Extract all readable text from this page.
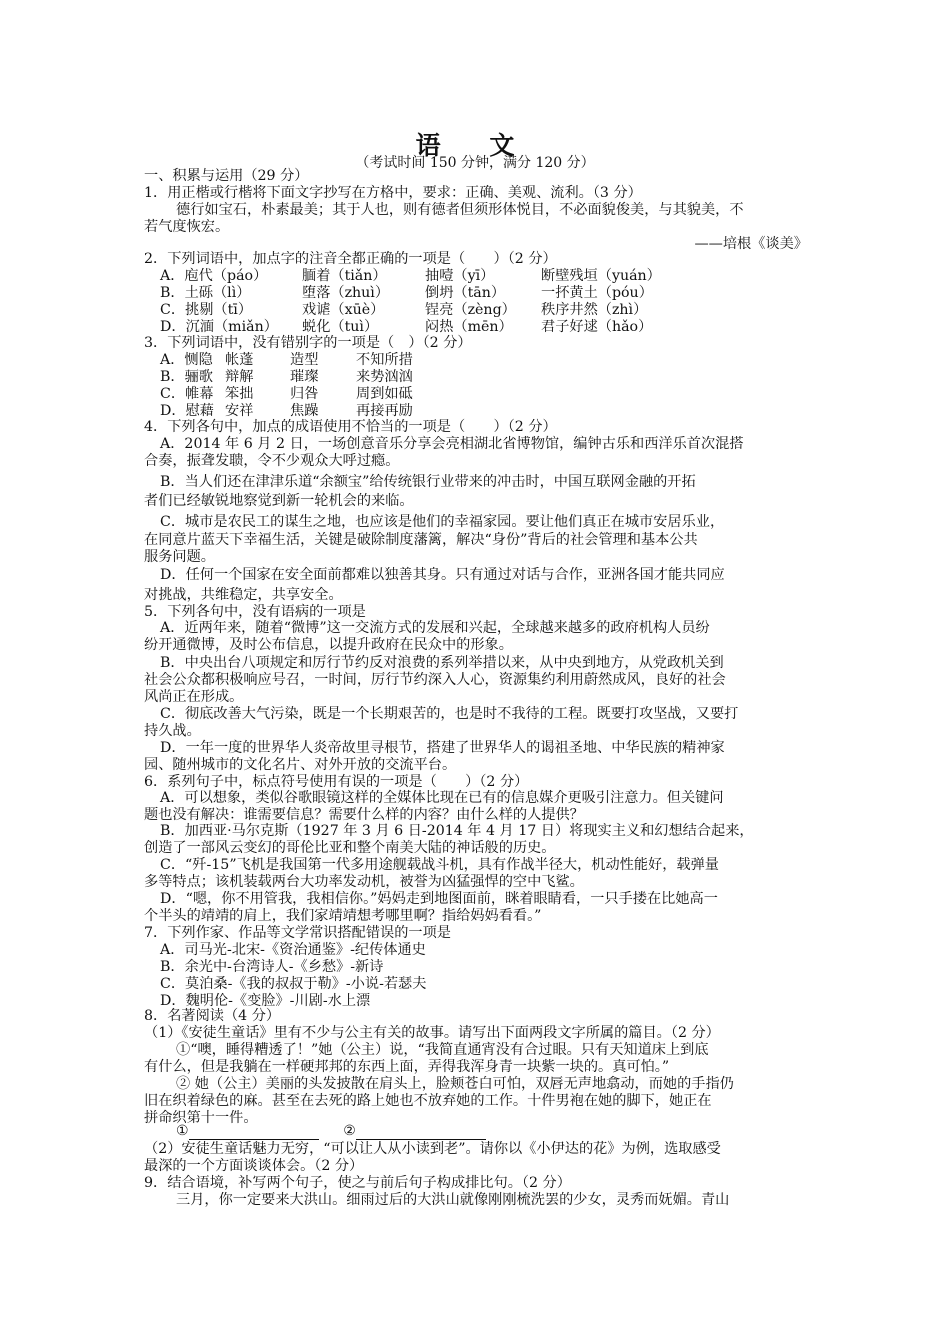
语 文
（考试时间 150 分钟，满分 120 分）
一、积累与运用（29 分）
1．用正楷或行楷将下面文字抄写在方格中，要求：正确、美观、流利。（3 分）
德行如宝石，朴素最美；其于人也，则有德者但须形体悦目，不必面貌俊美，与其貌美，不
若气度恢宏。
——培根《谈美》
2．下列词语中，加点字的注音全都正确的一项是（　　）（2 分）
A．庖代（páo）	腼着（tiǎn）	抽噎（yī）	断壁残垣（yuán）
B．土砾（lì）	堕落（zhuì）	倒坍（tān）	一抔黄土（póu）
C．挑剔（tī）	戏谑（xūè）	锃亮（zèng）	秩序井然（zhì）
D．沉湎（miǎn）	蜕化（tuì）	闷热（mēn）	君子好逑（hǎo）
3．下列词语中，没有错别字的一项是（　）（2 分）
A．恻隐 帐蓬	造型	不知所措
B．骊歌 辩解	璀璨	来势汹汹
C．帷幕 笨拙	归咎	周到如砥
D．慰藉 安祥	焦躁	再接再励
4．下列各句中，加点的成语使用不恰当的一项是（　　）（2 分）
A．2014 年 6 月 2 日，一场创意音乐分享会亮相湖北省博物馆，编钟古乐和西洋乐首次混搭
合奏，振聋发聩，令不少观众大呼过瘾。
B．当人们还在津津乐道“余额宝”给传统银行业带来的冲击时，中国互联网金融的开拓
者们已经敏锐地察觉到新一轮机会的来临。
C．城市是农民工的谋生之地，也应该是他们的幸福家园。要让他们真正在城市安居乐业，
在同意片蓝天下幸福生活，关键是破除制度藩篱，解决“身份”背后的社会管理和基本公共
服务问题。
D．任何一个国家在安全面前都难以独善其身。只有通过对话与合作，亚洲各国才能共同应
对挑战，共维稳定，共享安全。
5．下列各句中，没有语病的一项是
A．近两年来，随着“微博”这一交流方式的发展和兴起，全球越来越多的政府机构人员纷
纷开通微博，及时公布信息，以提升政府在民众中的形象。
B．中央出台八项规定和厉行节约反对浪费的系列举措以来，从中央到地方，从党政机关到
社会公众都积极响应号召，一时间，厉行节约深入人心，资源集约利用蔚然成风，良好的社会
风尚正在形成。
C．彻底改善大气污染，既是一个长期艰苦的，也是时不我待的工程。既要打攻坚战，又要打
持久战。
D．一年一度的世界华人炎帝故里寻根节，搭建了世界华人的谒祖圣地、中华民族的精神家
园、随州城市的文化名片、对外开放的交流平台。
6．系列句子中，标点符号使用有误的一项是（　　）（2 分）
A．可以想象，类似谷歌眼镜这样的全媒体比现在已有的信息媒介更吸引注意力。但关键问
题也没有解决：谁需要信息？需要什么样的内容？由什么样的人提供？
B．加西亚·马尔克斯（1927 年 3 月 6 日-2014 年 4 月 17 日）将现实主义和幻想结合起来，
创造了一部风云变幻的哥伦比亚和整个南美大陆的神话般的历史。
C．“歼-15”飞机是我国第一代多用途舰载战斗机，具有作战半径大，机动性能好，载弹量
多等特点；该机装载两台大功率发动机，被誉为凶猛强悍的空中飞鲨。
D．“嗯，你不用管我，我相信你。”妈妈走到地图面前，眯着眼睛看，一只手搂在比她高一
个半头的靖靖的肩上，我们家靖靖想考哪里啊？指给妈妈看看。”
7．下列作家、作品等文学常识搭配错误的一项是
A．司马光-北宋-《资治通鉴》-纪传体通史
B．余光中-台湾诗人-《乡愁》-新诗
C．莫泊桑-《我的叔叔于勒》-小说-若瑟夫
D．魏明伦-《变脸》-川剧-水上漂
8．名著阅读（4 分）
（1）《安徒生童话》里有不少与公主有关的故事。请写出下面两段文字所属的篇目。（2 分）
①“噢，睡得糟透了！”她（公主）说，“我简直通宵没有合过眼。只有天知道床上到底
有什么，但是我躺在一样硬邦邦的东西上面，弄得我浑身青一块紫一块的。真可怕。”
② 她（公主）美丽的头发披散在肩头上，脸颊苍白可怕，双唇无声地翕动，而她的手指仍
旧在织着绿色的麻。甚至在去死的路上她也不放弃她的工作。十件男袍在她的脚下，她正在
拼命织第十一件。
①	②
（2）安徒生童话魅力无穷，“可以让人从小读到老”。请你以《小伊达的花》为例，选取感受
最深的一个方面谈谈体会。（2 分）
9．结合语境，补写两个句子，使之与前后句子构成排比句。（2 分）
三月，你一定要来大洪山。细雨过后的大洪山就像刚刚梳洗罢的少女，灵秀而妩媚。青山
